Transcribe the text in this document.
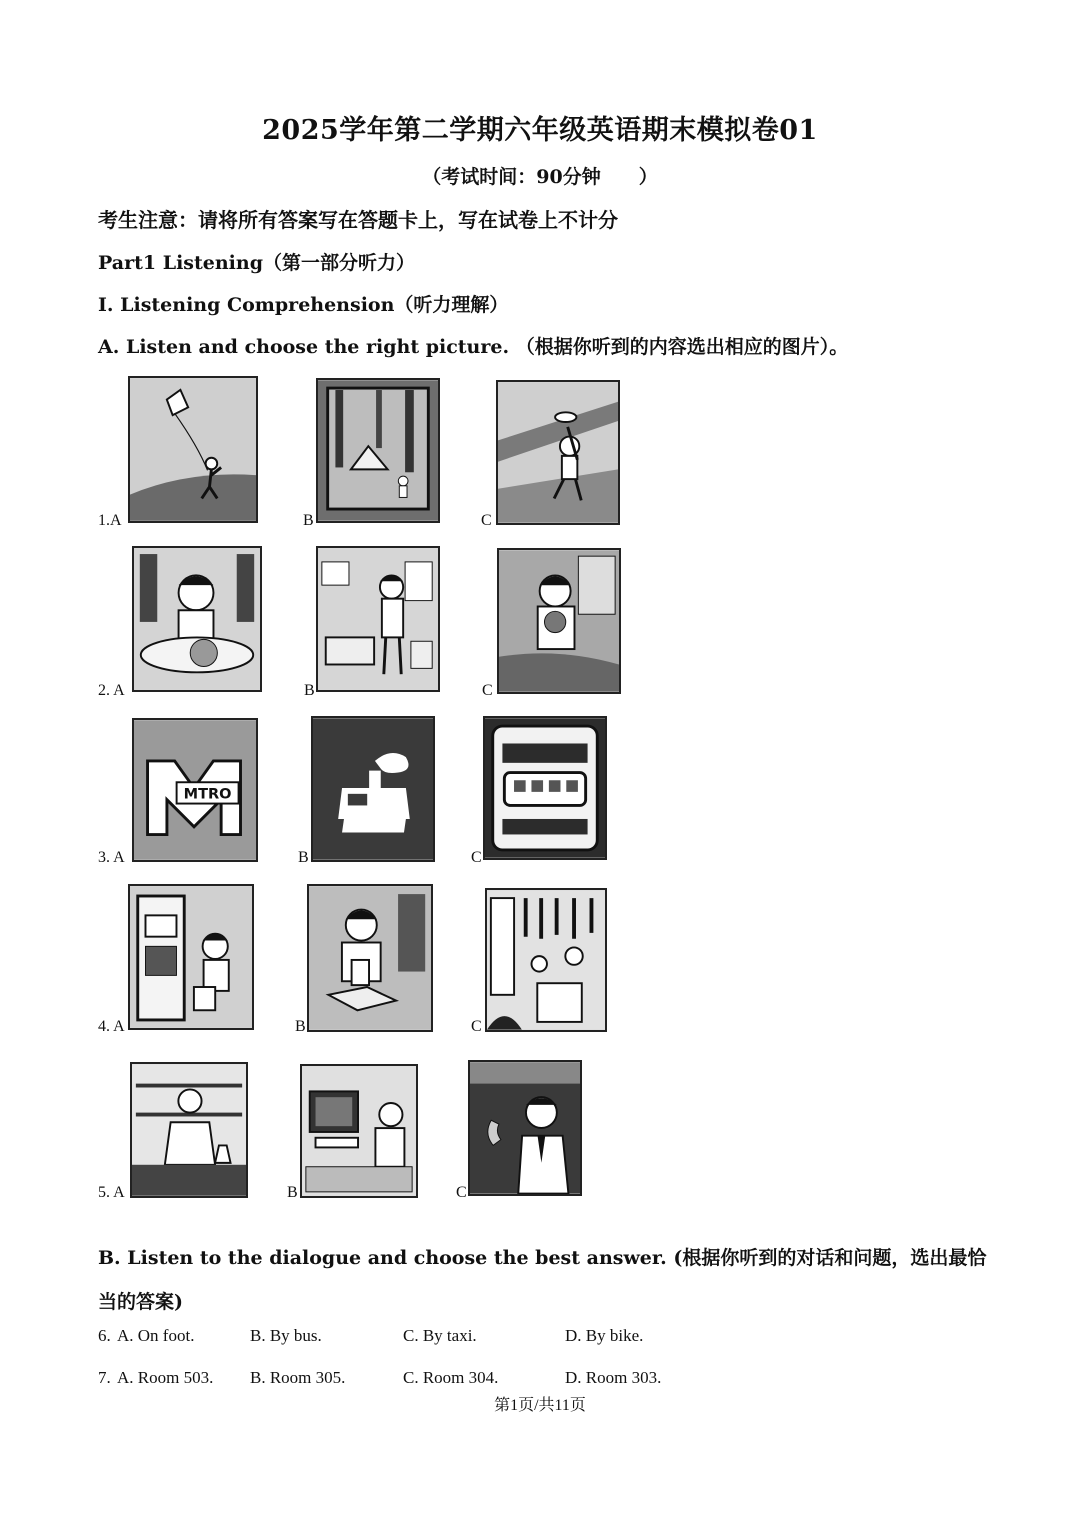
2025学年第二学期六年级英语期末模拟卷01
（考试时间：90分钟　　）
考生注意：请将所有答案写在答题卡上，写在试卷上不计分
Part1 Listening（第一部分听力）
I. Listening Comprehension（听力理解）
A. Listen and choose the right picture. （根据你听到的内容选出相应的图片）。
1.A	B	C
2. A	B	C
MTRO
3. A	B	C
4. A	B	C
5. A	B	C
B. Listen to the dialogue and choose the best answer. (根据你听到的对话和问题，选出最恰当的答案)
6. A. On foot.	B. By bus.	C. By taxi.	D. By bike.
7. A. Room 503. B. Room 305.	C. Room 304.	D. Room 303.
第1页/共11页
